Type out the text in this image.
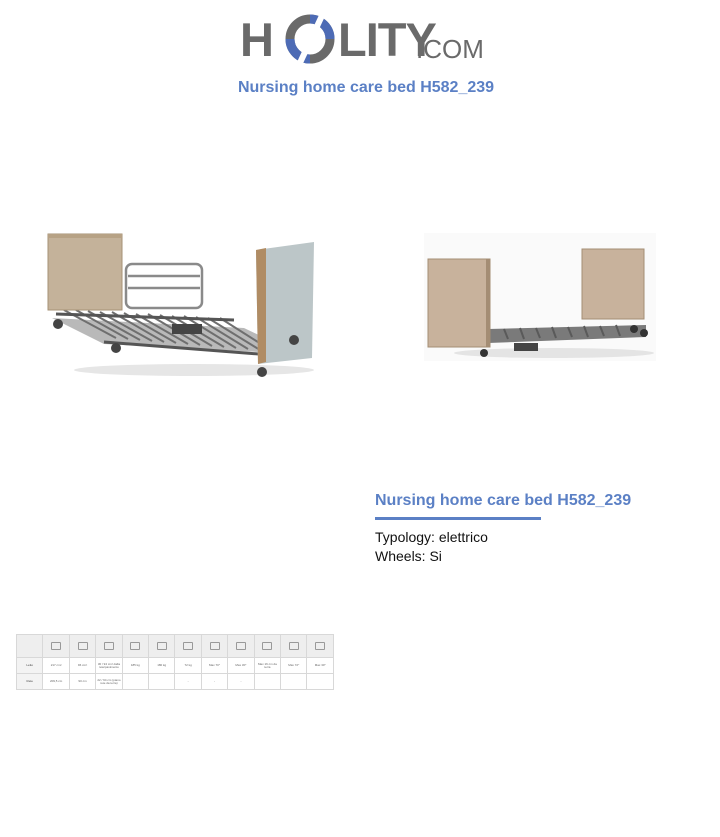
H LITY
.COM
Nursing home care bed H582_239
Nursing home care bed H582_239
Typology: elettrico
Wheels: Si

Letto	217 cm²	96 cm²	30 / 94 cm² dalla rete/pavimento	185 kg	180 kg	72 kg	Max 70°	Max 30°	Max 16 cm da terra	Max 72°	Max 30°
Rete	209,5 cm	90 cm	22 / 94 cm (piano rete da terra)			-	-	-			
